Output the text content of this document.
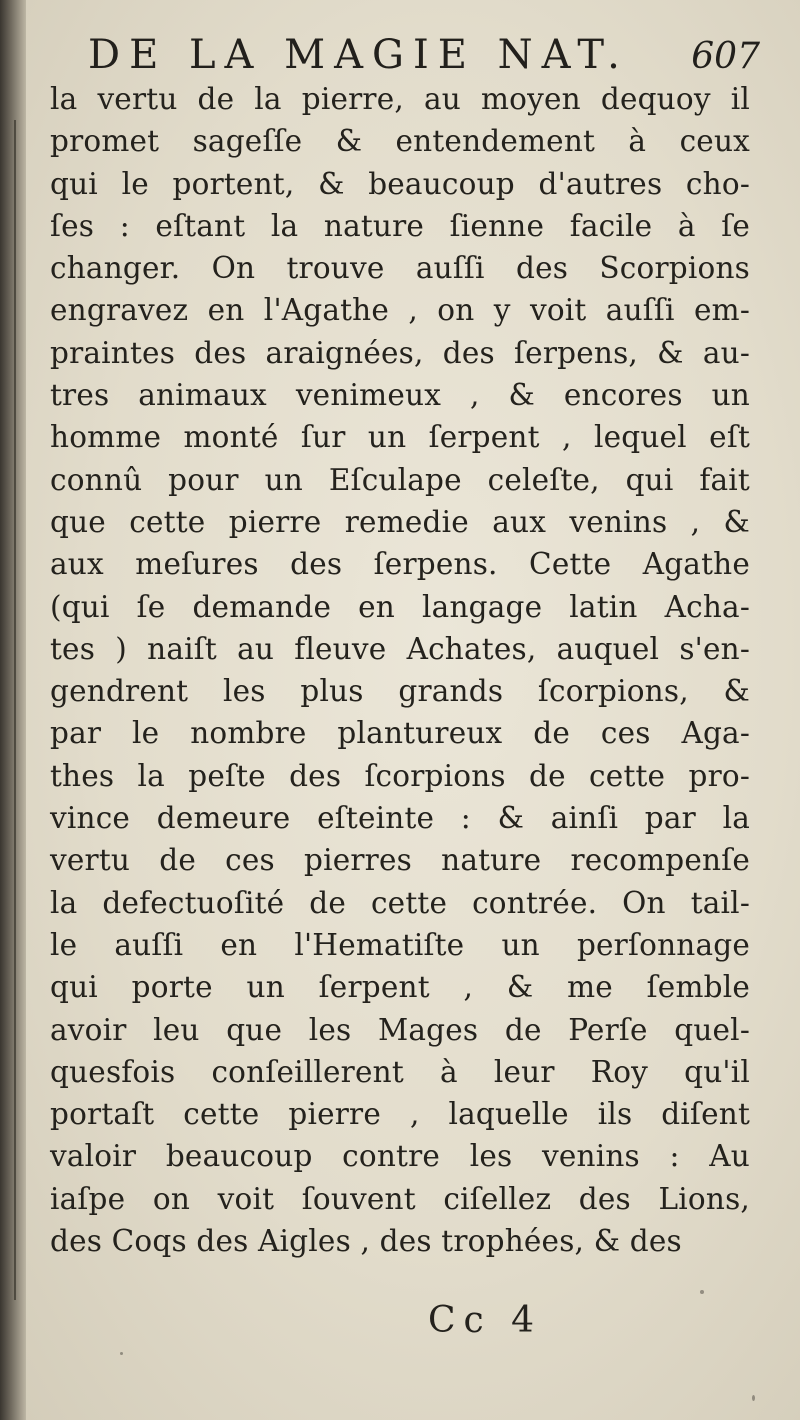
DE LA MAGIE NAT. 607
la vertu de la pierre, au moyen dequoy il
promet sageſſe & entendement à ceux
qui le portent, & beaucoup d'autres cho-
ſes : eſtant la nature ſienne facile à ſe
changer. On trouve auſſi des Scorpions
engravez en l'Agathe , on y voit auſſi em-
praintes des araignées, des ſerpens, & au-
tres animaux venimeux , & encores un
homme monté ſur un ſerpent , lequel eſt
connû pour un Eſculape celeſte, qui fait
que cette pierre remedie aux venins , &
aux meſures des ſerpens. Cette Agathe
(qui ſe demande en langage latin Acha-
tes ) naiſt au fleuve Achates, auquel s'en-
gendrent les plus grands ſcorpions, &
par le nombre plantureux de ces Aga-
thes la peſte des ſcorpions de cette pro-
vince demeure eſteinte : & ainſi par la
vertu de ces pierres nature recompenſe
la defectuoſité de cette contrée. On tail-
le auſſi en l'Hematiſte un perſonnage
qui porte un ſerpent , & me ſemble
avoir leu que les Mages de Perſe quel-
quesfois conſeillerent à leur Roy qu'il
portaſt cette pierre , laquelle ils diſent
valoir beaucoup contre les venins : Au
iaſpe on voit ſouvent ciſellez des Lions,
des Coqs des Aigles , des trophées, & des
Cc 4
